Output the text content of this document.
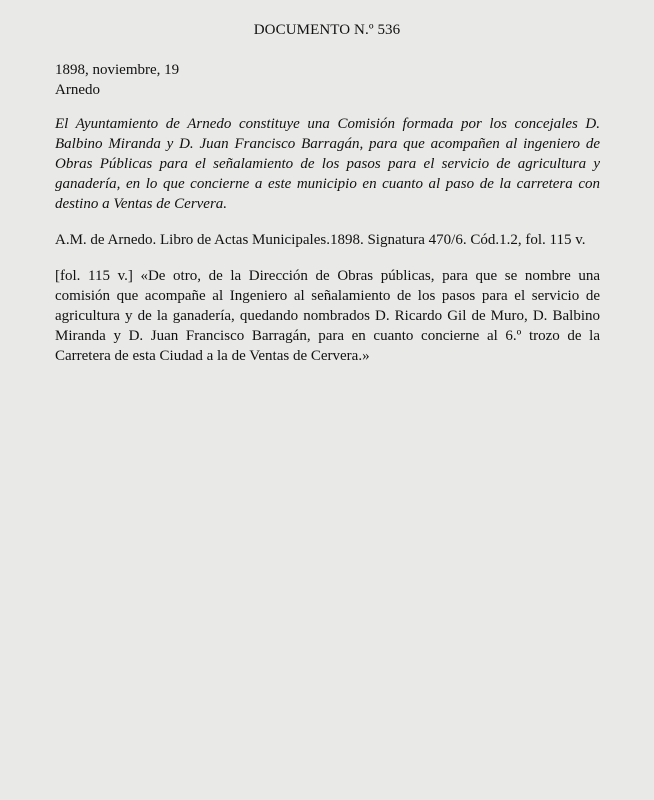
DOCUMENTO N.º 536
1898, noviembre, 19
Arnedo

El Ayuntamiento de Arnedo constituye una Comisión formada por los concejales D. Balbino Miranda y D. Juan Francisco Barragán, para que acompañen al ingeniero de Obras Públicas para el señalamiento de los pasos para el servicio de agricultura y ganadería, en lo que concierne a este municipio en cuanto al paso de la carretera con destino a Ventas de Cervera.

A.M. de Arnedo. Libro de Actas Municipales.1898. Signatura 470/6. Cód.1.2, fol. 115 v.

[fol. 115 v.] «De otro, de la Dirección de Obras públicas, para que se nombre una comisión que acompañe al Ingeniero al señalamiento de los pasos para el servicio de agricultura y de la ganadería, quedando nombrados D. Ricardo Gil de Muro, D. Balbino Miranda y D. Juan Francisco Barragán, para en cuanto concierne al 6.º trozo de la Carretera de esta Ciudad a la de Ventas de Cervera.»
